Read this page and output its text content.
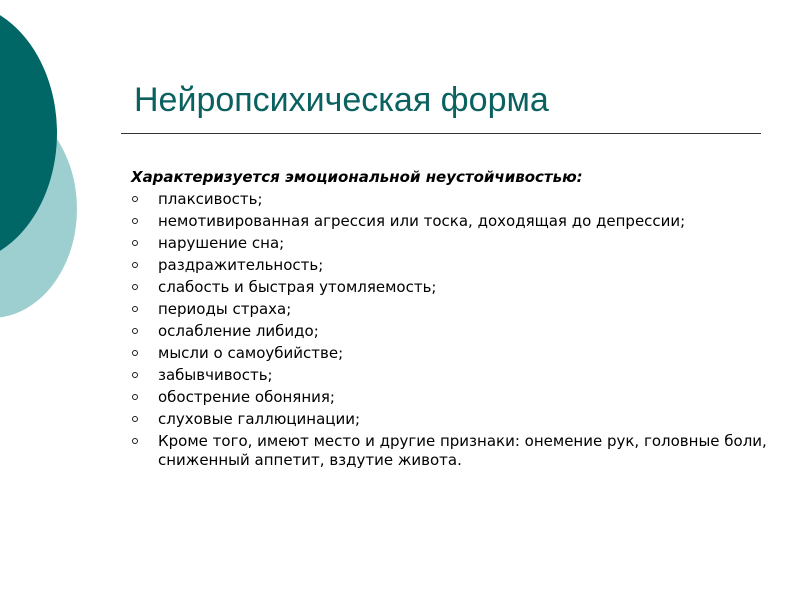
Нейропсихическая форма

Характеризуется эмоциональной неустойчивостью:

плаксивость;
немотивированная агрессия или тоска, доходящая до депрессии;
нарушение сна;
раздражительность;
слабость и быстрая утомляемость;
периоды страха;
ослабление либидо;
мысли о самоубийстве;
забывчивость;
обострение обоняния;
слуховые галлюцинации;
Кроме того, имеют место и другие признаки: онемение рук, головные боли, сниженный аппетит, вздутие живота.
